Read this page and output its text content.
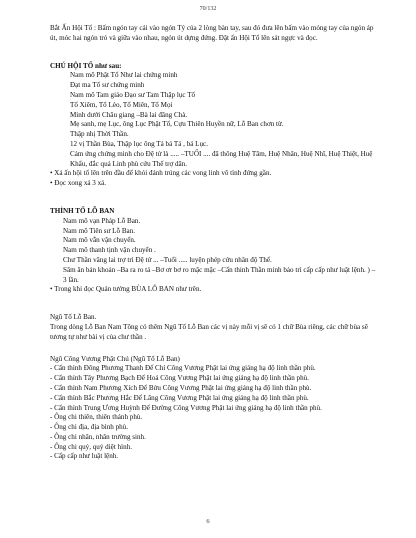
70/132

Bắt Ấn Hội Tổ : Bấm ngón tay cái vào ngón Tý của 2 lòng bàn tay, sau đó đưa lên bấm vào móng tay của ngón áp út, móc hai ngón trỏ và giữa vào nhau, ngón út dựng đứng. Đặt ấn Hội Tổ lên sát ngực và đọc.

CHÚ HỘI TỔ như sau:

Nam mô Phật Tổ Như lai chứng minh

Đạt ma Tổ sư chứng minh

Nam mô Tam giáo Đạo sư Tam Thập lục Tổ

Tổ Xiêm, Tổ Lèo, Tổ Miên, Tổ Mọi

Minh dưới Châu giang –Bà lai đăng Chà.

Mẹ sanh, mẹ Lục, ông Lục Phật Tổ, Cựu Thiên Huyền nữ, Lỗ Ban chơn từ.

Thập nhị Thời Thần.

12 vị Thần Bùa, Thập lục ông Tá bá Tá , bá Lục.

Cảm ứng chứng minh cho Đệ tử là ..... –TUỔI .... đã thông Huệ Tâm, Huệ Nhãn, Huệ Nhĩ, Huệ Thiệt, Huệ Khẩu, đắc quả Linh phù cứu Thế trợ dân.

• Xả ấn hội tổ lên trên đầu để khỏi đánh trúng các vong linh vô tình đứng gần.

• Đọc xong xá 3 xá.

THỈNH TỔ LỖ BAN

Nam mô vạn Pháp Lỗ Ban.

Nam mô Tiên sư Lỗ Ban.

Nam mô vẫn vận chuyển.

Nam mô thanh tịnh vận chuyển .

Chư Thần vâng lai trợ trì Đệ tử ... –Tuổi ..... luyện phép cứu nhân độ Thế.

Sâm ân bản khoản –Ba ra ro tá –Bơ ơr bơ ro mặc mặc –Cấn thinh Thần minh bảo trì cấp cấp như luật lệnh. ) – 3 lần.

• Trong khi đọc Quán tưởng BÙA LỖ BAN như trên.

Ngũ Tổ Lỗ Ban.

Trong dòng Lỗ Ban Nam Tông có thêm Ngũ Tổ Lỗ Ban các vị này mỗi vị sẽ có 1 chữ Bùa riêng, các chữ bùa sẽ tương tự như bài vị của chư thần .

Ngũ Công Vương Phật Chú (Ngũ Tổ Lỗ Ban)

- Cẩn thỉnh Đông Phương Thanh Đế Chí Công Vương Phật lai ứng giáng hạ độ linh thần phù.

- Cẩn thỉnh Tây Phương Bạch Đế Hoá Công Vương Phật lai ứng giáng hạ độ linh thần phù.

- Cẩn thỉnh Nam Phương Xích Đế Bửu Công Vương Phật lai ứng giáng hạ độ linh thần phù.

- Cẩn thỉnh Bắc Phương Hắc Đế Lãng Công Vương Phật lai ứng giáng hạ độ linh thần phù.

- Cẩn thỉnh Trung Ương Huỳnh Đế Đường Công Vương Phật lai ứng giáng hạ độ linh thần phù.

- Ông chi thiên, thiên thánh phù.

- Ông chi địa, địa bình phù.

- Ông chi nhân, nhân trường sinh.

- Ông chi quỷ, quỷ diệt hình.

- Cấp cấp như luật lệnh.

6
